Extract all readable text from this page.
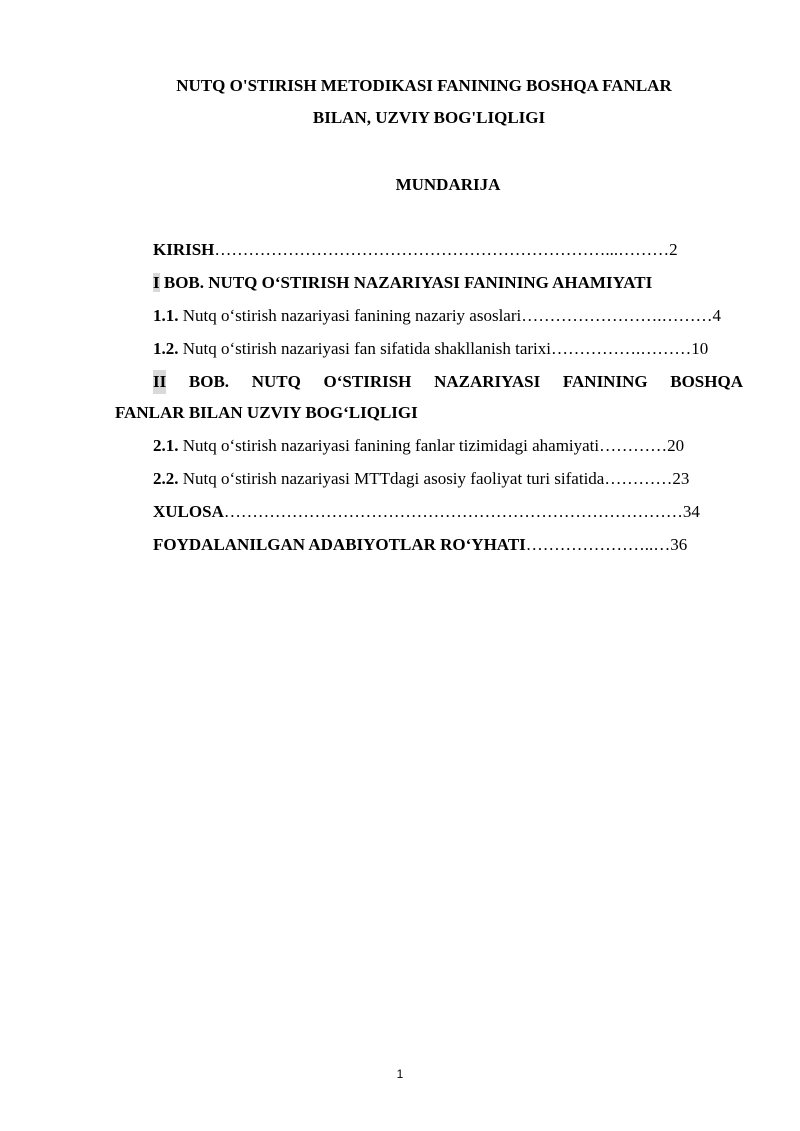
NUTQ O'STIRISH METODIKASI FANINING BOSHQA FANLAR
BILAN, UZVIY BOG'LIQLIGI
MUNDARIJA
KIRISH……………………………………………………………...………2
I BOB. NUTQ O‘STIRISH NAZARIYASI FANINING AHAMIYATI
1.1. Nutq o‘stirish nazariyasi fanining nazariy asoslari…………………….………4
1.2. Nutq o‘stirish nazariyasi fan sifatida shakllanish tarixi…………….………10
II BOB. NUTQ O‘STIRISH NAZARIYASI FANINING BOSHQA
FANLAR BILAN UZVIY BOG‘LIQLIGI
2.1. Nutq o‘stirish nazariyasi fanining fanlar tizimidagi ahamiyati…………20
2.2. Nutq o‘stirish nazariyasi MTTdagi asosiy faoliyat turi sifatida…………23
XULOSA………………………………………………………………………34
FOYDALANILGAN ADABIYOTLAR RO‘YHATI…………………..…36
1
